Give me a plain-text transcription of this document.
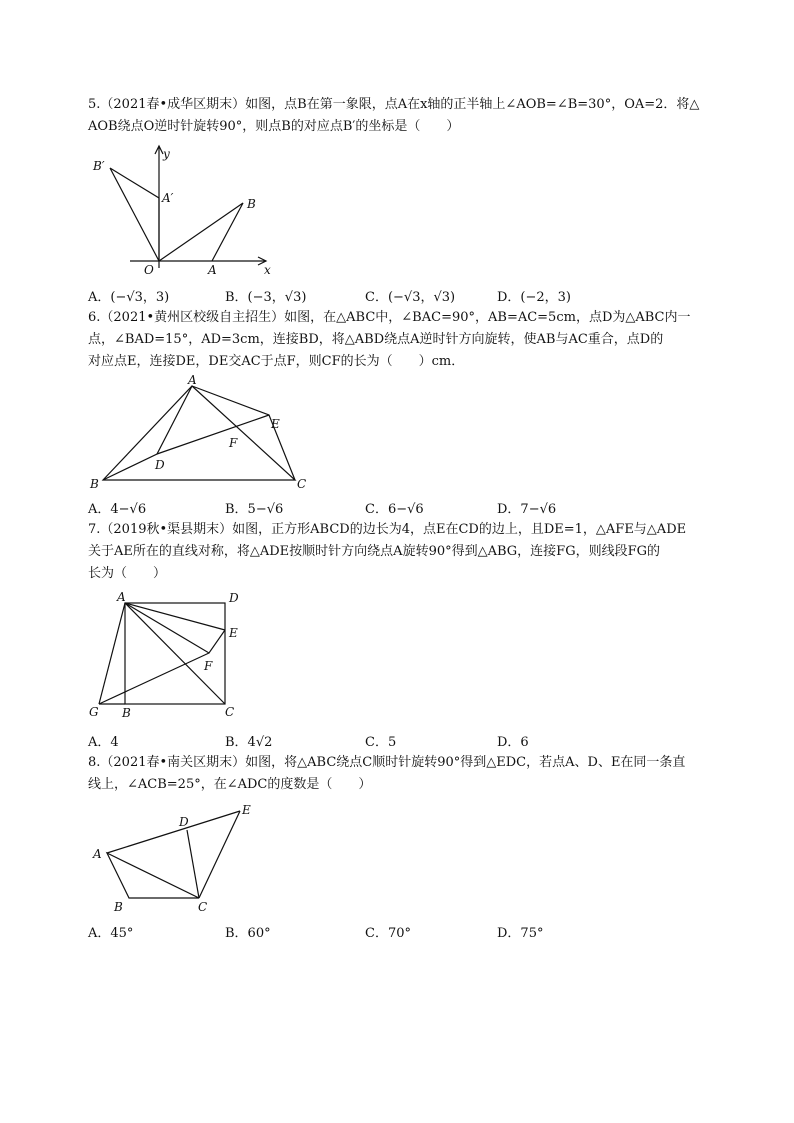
5.（2021春•成华区期末）如图，点B在第一象限，点A在x轴的正半轴上∠AOB=∠B=30°，OA=2．将△

AOB绕点O逆时针旋转90°，则点B的对应点B′的坐标是（　　）

B′
y
A′	B
O	A	x
A．(−√3，3)	B．(−3，√3)	C．(−√3，√3)	D．(−2，3)

6.（2021•黄州区校级自主招生）如图，在△ABC中，∠BAC=90°，AB=AC=5cm，点D为△ABC内一

点，∠BAD=15°，AD=3cm，连接BD，将△ABD绕点A逆时针方向旋转，使AB与AC重合，点D的

对应点E，连接DE，DE交AC于点F，则CF的长为（　　）cm．

A
E
F
D
B	C
A．4−√6	B．5−√6	C．6−√6	D．7−√6

7.（2019秋•渠县期末）如图，正方形ABCD的边长为4，点E在CD的边上，且DE=1，△AFE与△ADE

关于AE所在的直线对称，将△ADE按顺时针方向绕点A旋转90°得到△ABG，连接FG，则线段FG的

长为（　　）

A	D
E
F
G B	C
A．4	B．4√2	C．5	D．6

8.（2021春•南关区期末）如图，将△ABC绕点C顺时针旋转90°得到△EDC，若点A、D、E在同一条直

线上，∠ACB=25°，在∠ADC的度数是（　　）

D
E
A
B	C
A．45°	B．60°	C．70°	D．75°
